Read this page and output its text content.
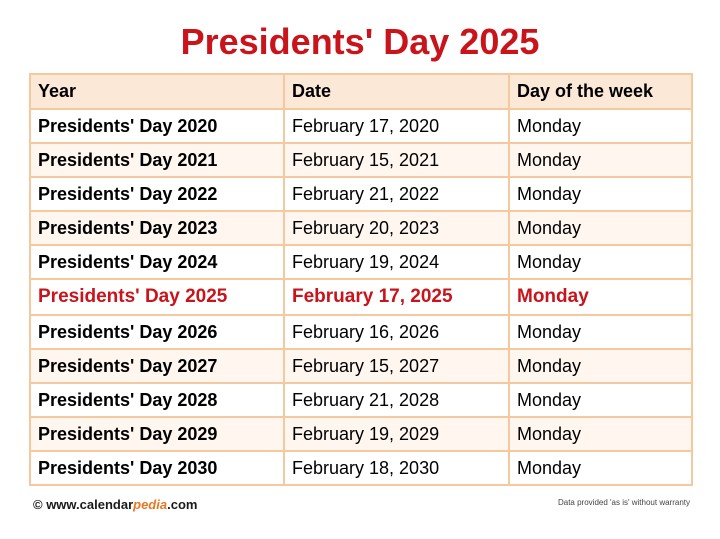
Presidents' Day 2025
Year	Date	Day of the week
Presidents' Day 2020	February 17, 2020	Monday
Presidents' Day 2021	February 15, 2021	Monday
Presidents' Day 2022	February 21, 2022	Monday
Presidents' Day 2023	February 20, 2023	Monday
Presidents' Day 2024	February 19, 2024	Monday
Presidents' Day 2025	February 17, 2025	Monday
Presidents' Day 2026	February 16, 2026	Monday
Presidents' Day 2027	February 15, 2027	Monday
Presidents' Day 2028	February 21, 2028	Monday
Presidents' Day 2029	February 19, 2029	Monday
Presidents' Day 2030	February 18, 2030	Monday
© www.calendarpedia.com	Data provided 'as is' without warranty
